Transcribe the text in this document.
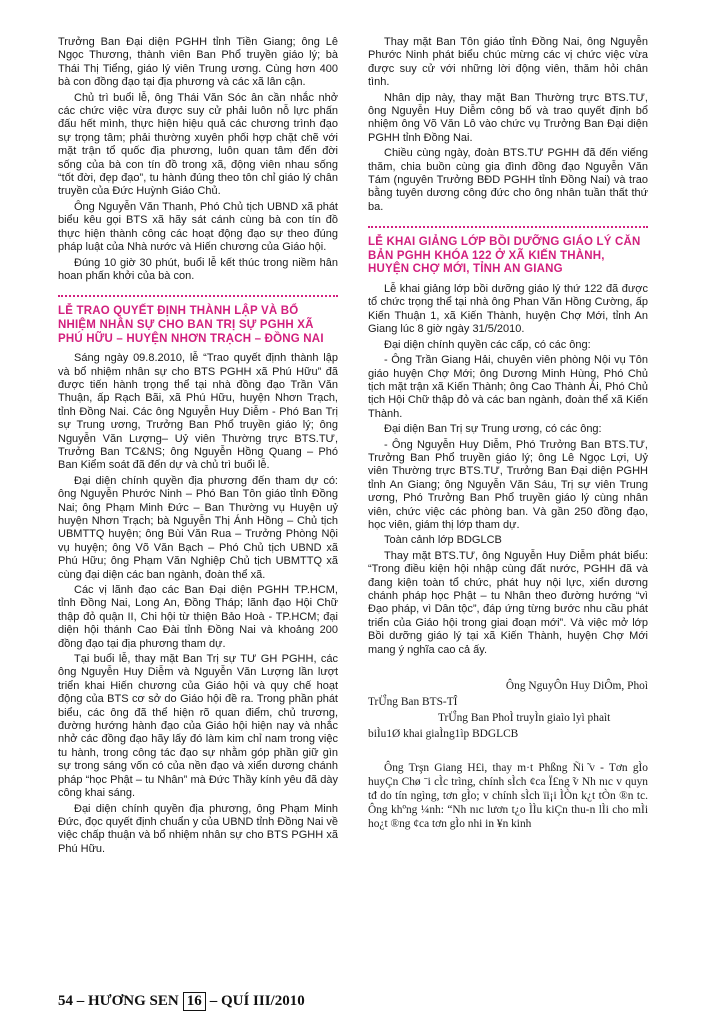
Trưởng Ban Đại diện PGHH tỉnh Tiền Giang; ông Lê Ngọc Thương, thành viên Ban Phổ truyền giáo lý; bà Thái Thị Tiểng, giáo lý viên Trung ương. Cùng hơn 400 bà con đồng đạo tại địa phương và các xã lân cận.

Chủ trì buổi lễ, ông Thái Văn Sóc ân cần nhắc nhở các chức việc vừa được suy cử phải luôn nỗ lực phấn đấu hết mình, thực hiện hiệu quả các chương trình đạo sự trọng tâm; phải thường xuyên phối hợp chặt chẽ với mặt trận tổ quốc địa phương, luôn quan tâm đến đời sống của bà con tín đồ trong xã, động viên nhau sống “tốt đời, đẹp đạo”, tu hành đúng theo tôn chỉ giáo lý chân truyền của Đức Huỳnh Giáo Chủ.

Ông Nguyễn Văn Thanh, Phó Chủ tịch UBND xã phát biểu kêu gọi BTS xã hãy sát cánh cùng bà con tín đồ thực hiện thành công các hoạt động đạo sự theo đúng pháp luật của Nhà nước và Hiến chương của Giáo hội.

Đúng 10 giờ 30 phút, buổi lễ kết thúc trong niềm hân hoan phấn khởi của bà con.

LỄ TRAO QUYẾT ĐỊNH THÀNH LẬP VÀ BỔ NHIỆM NHÂN SỰ CHO BAN TRỊ SỰ PGHH XÃ PHÚ HỮU – HUYỆN NHƠN TRẠCH – ĐỒNG NAI

Sáng ngày 09.8.2010, lễ “Trao quyết định thành lập và bổ nhiệm nhân sự cho BTS PGHH xã Phú Hữu” đã được tiến hành trọng thể tại nhà đồng đạo Trần Văn Thuận, ấp Rạch Bãi, xã Phú Hữu, huyện Nhơn Trạch, tỉnh Đồng Nai. Các ông Nguyễn Huy Diễm - Phó Ban Trị sự Trung ương, Trưởng Ban Phổ truyền giáo lý; ông Nguyễn Văn Lượng– Uỷ viên Thường trực BTS.TƯ, Trưởng Ban TC&NS; ông Nguyễn Hồng Quang – Phó Ban Kiểm soát đã đến dự và chủ trì buổi lễ.

Đại diện chính quyền địa phương đến tham dự có: ông Nguyễn Phước Ninh – Phó Ban Tôn giáo tỉnh Đồng Nai; ông Phạm Minh Đức – Ban Thường vụ Huyện uỷ huyện Nhơn Trạch; bà Nguyễn Thị Ánh Hồng – Chủ tịch UBMTTQ huyện; ông Bùi Văn Rua – Trưởng Phòng Nội vụ huyện; ông Võ Văn Bạch – Phó Chủ tịch UBND xã Phú Hữu; ông Phạm Văn Nghiệp Chủ tịch UBMTTQ xã cùng đại diện các ban ngành, đoàn thể xã.

Các vị lãnh đạo các Ban Đại diện PGHH TP.HCM, tỉnh Đồng Nai, Long An, Đồng Tháp; lãnh đạo Hội Chữ thập đỏ quận II, Chi hội từ thiện Bảo Hoà - TP.HCM; đại diện hội thánh Cao Đài tỉnh Đồng Nai và khoảng 200 đồng đạo tại địa phương tham dự.

Tại buổi lễ, thay mặt Ban Trị sự TƯ GH PGHH, các ông Nguyễn Huy Diễm và Nguyễn Văn Lượng lần lượt triển khai Hiến chương của Giáo hội và quy chế hoạt động của BTS cơ sở do Giáo hội đề ra. Trong phần phát biểu, các ông đã thể hiện rõ quan điểm, chủ trương, đường hướng hành đạo của Giáo hội hiện nay và nhắc nhở các đồng đạo hãy lấy đó làm kim chỉ nam trong việc tu hành, trong công tác đạo sự nhằm góp phần giữ gìn sự trong sáng vốn có của nền đạo và xiển dương chánh pháp “học Phật – tu Nhân” mà Đức Thầy kính yêu đã dày công khai sáng.

Đại diện chính quyền địa phương, ông Phạm Minh Đức, đọc quyết định chuẩn y của UBND tỉnh Đồng Nai về việc chấp thuận và bổ nhiệm nhân sự cho BTS PGHH xã Phú Hữu.

Thay mặt Ban Tôn giáo tỉnh Đồng Nai, ông Nguyễn Phước Ninh phát biểu chúc mừng các vị chức việc vừa được suy cử với những lời động viên, thăm hỏi chân tình.

Nhân dịp này, thay mặt Ban Thường trực BTS.TƯ, ông Nguyễn Huy Diễm công bố và trao quyết định bổ nhiệm ông Võ Văn Lô vào chức vụ Trưởng Ban Đại diện PGHH tỉnh Đồng Nai.

Chiều cùng ngày, đoàn BTS.TƯ PGHH đã đến viếng thăm, chia buồn cùng gia đình đồng đạo Nguyễn Văn Tám (nguyên Trưởng BĐD PGHH tỉnh Đồng Nai) và trao bằng tuyên dương công đức cho ông nhân tuần thất thứ ba.

LỄ KHAI GIẢNG LỚP BỒI DƯỠNG GIÁO LÝ CĂN BẢN PGHH KHÓA 122 Ở XÃ KIẾN THÀNH, HUYỆN CHỢ MỚI, TỈNH AN GIANG

Lễ khai giảng lớp bồi dưỡng giáo lý thứ 122 đã được tổ chức trọng thể tại nhà ông Phan Văn Hồng Cường, ấp Kiến Thuận 1, xã Kiến Thành, huyện Chợ Mới, tỉnh An Giang lúc 8 giờ ngày 31/5/2010.

Đại diện chính quyền các cấp, có các ông:

- Ông Trần Giang Hải, chuyên viên phòng Nội vụ Tôn giáo huyện Chợ Mới; ông Dương Minh Hùng, Phó Chủ tịch mặt trận xã Kiến Thành; ông Cao Thành Ái, Phó Chủ tịch Hội Chữ thập đỏ và các ban ngành, đoàn thể xã Kiến Thành.

Đại diện Ban Trị sự Trung ương, có các ông:

- Ông Nguyễn Huy Diễm, Phó Trưởng Ban BTS.TƯ, Trưởng Ban Phổ truyền giáo lý; ông Lê Ngọc Lợi, Uỷ viên Thường trực BTS.TƯ, Trưởng Ban Đại diện PGHH tỉnh An Giang; ông Nguyễn Văn Sáu, Trị sự viên Trung ương, Phó Trưởng Ban Phổ truyền giáo lý cùng nhân viên, chức việc các phòng ban. Và gần 250 đồng đạo, học viên, giám thị lớp tham dự.

Toàn cảnh lớp BDGLCB

Thay mặt BTS.TƯ, ông Nguyễn Huy Diễm phát biểu: “Trong điều kiện hội nhập cùng đất nước, PGHH đã và đang kiện toàn tổ chức, phát huy nội lực, xiển dương chánh pháp học Phật – tu Nhân theo đường hướng “vì Đạo pháp, vì Dân tộc”, đáp ứng từng bước nhu cầu phát triển của Giáo hội trong giai đoạn mới”. Và việc mở lớp Bồi dưỡng giáo lý tại xã Kiến Thành, huyện Chợ Mới mang ý nghĩa cao cả ấy.

Ông NguyÔn Huy DiÔm, Phoì

TrÜ̉ng Ban BTS-TÎ

TrÜ̉ng Ban PhoÌ truyÌn giaìo lyì phaìt

biÌu1Ø khai giaÌng1ìp BDGLCB

Ông Trşn Giang H£i, thay m·t Phßng Ñi ̃v - Tơn gÌo huyÇn Chø ˉi cÌc trìng, chính sÌch ¢ca Ï£ng ̃v Nh nıc v quyn tđ do tín ngìng, tơn gÌo; v chính sÌch ïi¡i ÌÒn k¿t tÒn ®n tc. Ông khºng ¼nh: “Nh nıc lươn t¿o ÌÌu kiÇn thu-n lÌi cho mÌi ho¿t ®ng ¢ca tơn gÌo nhi in ¥n kinh

54 – HƯƠNG SEN 16 – QUÍ III/2010
